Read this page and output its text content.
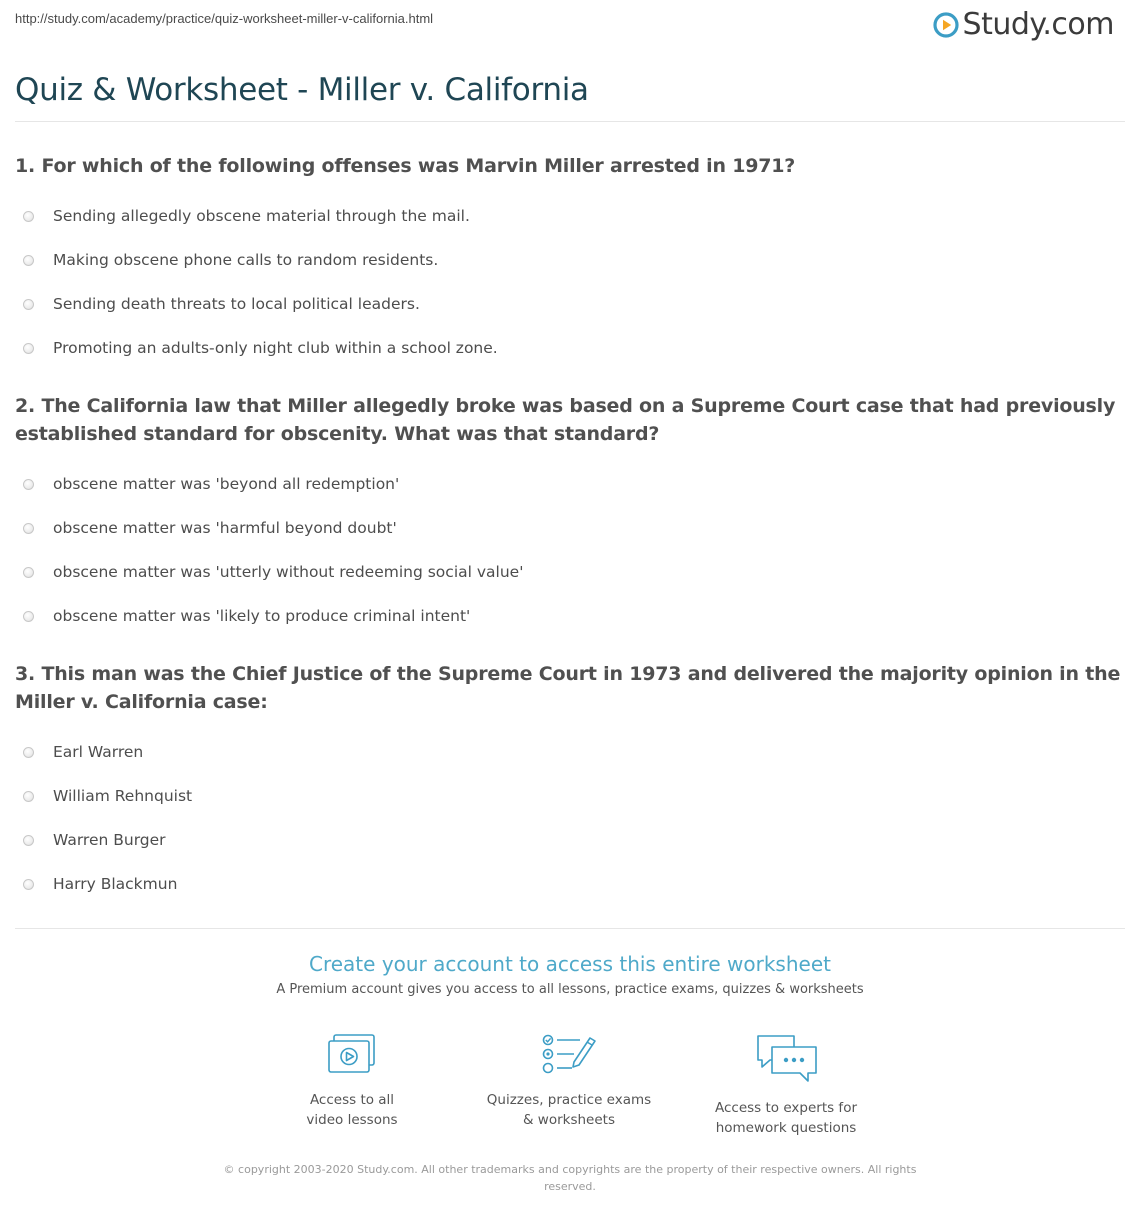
http://study.com/academy/practice/quiz-worksheet-miller-v-california.html	Study.com
Quiz & Worksheet - Miller v. California
1. For which of the following offenses was Marvin Miller arrested in 1971?
Sending allegedly obscene material through the mail.
Making obscene phone calls to random residents.
Sending death threats to local political leaders.
Promoting an adults-only night club within a school zone.
2. The California law that Miller allegedly broke was based on a Supreme Court case that had previously established standard for obscenity. What was that standard?
obscene matter was 'beyond all redemption'
obscene matter was 'harmful beyond doubt'
obscene matter was 'utterly without redeeming social value'
obscene matter was 'likely to produce criminal intent'
3. This man was the Chief Justice of the Supreme Court in 1973 and delivered the majority opinion in the Miller v. California case:
Earl Warren
William Rehnquist
Warren Burger
Harry Blackmun
Create your account to access this entire worksheet

A Premium account gives you access to all lessons, practice exams, quizzes & worksheets

Access to all
video lessons
Quizzes, practice exams
& worksheets
Access to experts for
homework questions
© copyright 2003-2020 Study.com. All other trademarks and copyrights are the property of their respective owners. All rights reserved.
